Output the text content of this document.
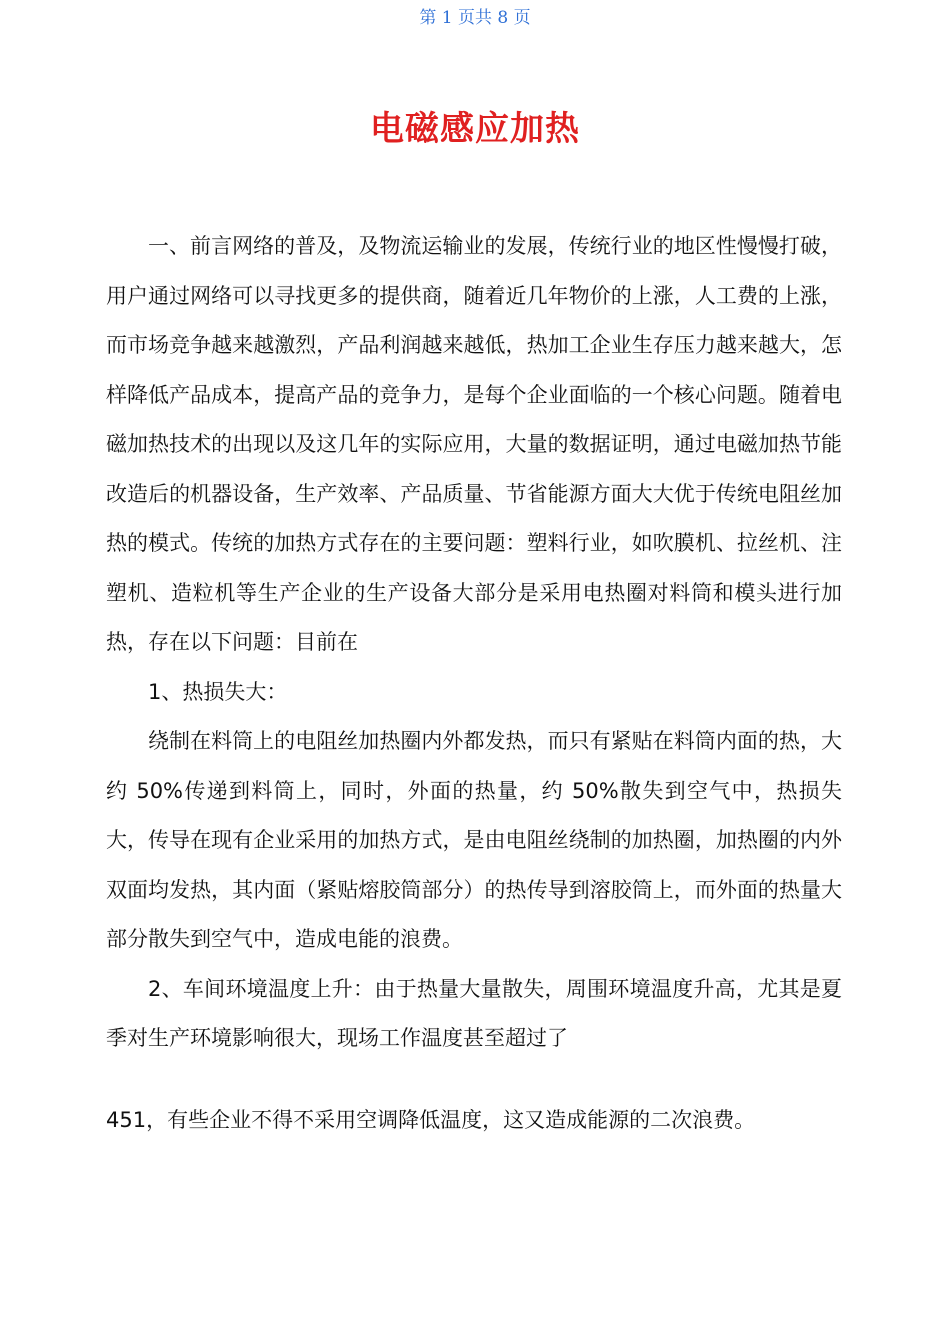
第 1 页共 8 页
电磁感应加热

一、前言网络的普及，及物流运输业的发展，传统行业的地区性慢慢打破，用户通过网络可以寻找更多的提供商，随着近几年物价的上涨，人工费的上涨，而市场竞争越来越激烈，产品利润越来越低，热加工企业生存压力越来越大，怎样降低产品成本，提高产品的竞争力，是每个企业面临的一个核心问题。随着电磁加热技术的出现以及这几年的实际应用，大量的数据证明，通过电磁加热节能改造后的机器设备，生产效率、产品质量、节省能源方面大大优于传统电阻丝加热的模式。传统的加热方式存在的主要问题：塑料行业，如吹膜机、拉丝机、注塑机、造粒机等生产企业的生产设备大部分是采用电热圈对料筒和模头进行加热，存在以下问题：目前在

1、热损失大：

绕制在料筒上的电阻丝加热圈内外都发热，而只有紧贴在料筒内面的热，大约 50%传递到料筒上，同时，外面的热量，约 50%散失到空气中，热损失大，传导在现有企业采用的加热方式，是由电阻丝绕制的加热圈，加热圈的内外双面均发热，其内面（紧贴熔胶筒部分）的热传导到溶胶筒上，而外面的热量大部分散失到空气中，造成电能的浪费。

2、车间环境温度上升：由于热量大量散失，周围环境温度升高，尤其是夏季对生产环境影响很大，现场工作温度甚至超过了

451，有些企业不得不采用空调降低温度，这又造成能源的二次浪费。
